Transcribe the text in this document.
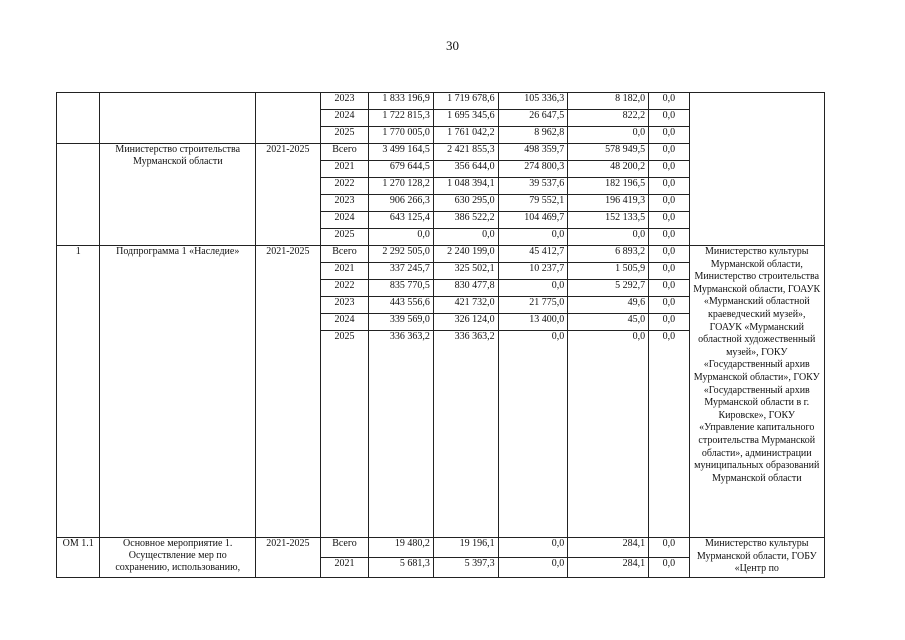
30
			2023	1 833 196,9	1 719 678,6	105 336,3	8 182,0	0,0	
			2024	1 722 815,3	1 695 345,6	26 647,5	822,2	0,0	
			2025	1 770 005,0	1 761 042,2	8 962,8	0,0	0,0	
	Министерство строительства Мурманской области	2021-2025	Всего	3 499 164,5	2 421 855,3	498 359,7	578 949,5	0,0	
			2021	679 644,5	356 644,0	274 800,3	48 200,2	0,0	
			2022	1 270 128,2	1 048 394,1	39 537,6	182 196,5	0,0	
			2023	906 266,3	630 295,0	79 552,1	196 419,3	0,0	
			2024	643 125,4	386 522,2	104 469,7	152 133,5	0,0	
			2025	0,0	0,0	0,0	0,0	0,0	
1	Подпрограмма 1 «Наследие»	2021-2025	Всего	2 292 505,0	2 240 199,0	45 412,7	6 893,2	0,0	Министерство культуры Мурманской области, Министерство строительства Мурманской области, ГОАУК «Мурманский областной краеведческий музей», ГОАУК «Мурманский областной художественный музей», ГОКУ «Государственный архив Мурманской области», ГОКУ «Государственный архив Мурманской области в г. Кировске», ГОКУ «Управление капитального строительства Мурманской области», администрации муниципальных образований Мурманской области
			2021	337 245,7	325 502,1	10 237,7	1 505,9	0,0	
			2022	835 770,5	830 477,8	0,0	5 292,7	0,0	
			2023	443 556,6	421 732,0	21 775,0	49,6	0,0	
			2024	339 569,0	326 124,0	13 400,0	45,0	0,0	
			2025	336 363,2	336 363,2	0,0	0,0	0,0	
ОМ 1.1	Основное мероприятие 1. Осуществление мер по сохранению, использованию,	2021-2025	Всего	19 480,2	19 196,1	0,0	284,1	0,0	Министерство культуры Мурманской области, ГОБУ «Центр по
			2021	5 681,3	5 397,3	0,0	284,1	0,0	
